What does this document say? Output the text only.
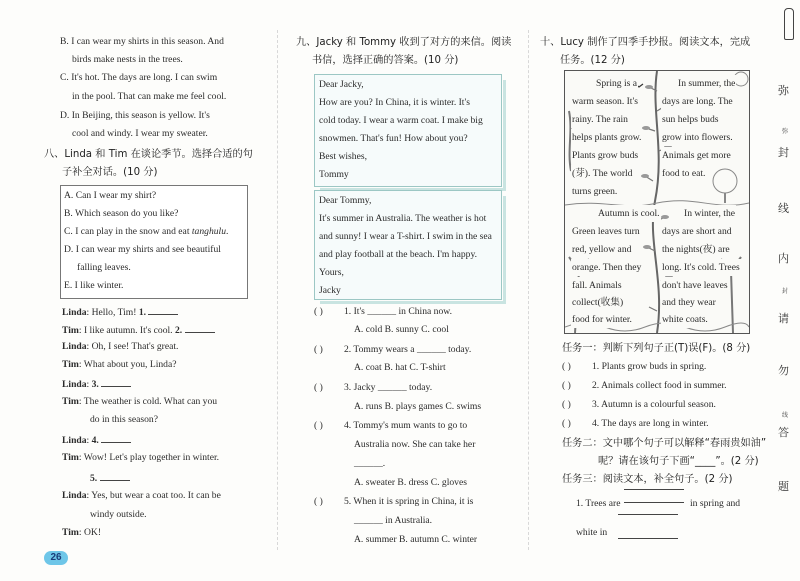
B. I can wear my shirts in this season. And
birds make nests in the trees.
C. It's hot. The days are long. I can swim
in the pool. That can make me feel cool.
D. In Beijing, this season is yellow. It's
cool and windy. I wear my sweater.
八、Linda 和 Tim 在谈论季节。选择合适的句
子补全对话。(10 分)
A. Can I wear my shirt?
B. Which season do you like?
C. I can play in the snow and eat tanghulu.
D. I can wear my shirts and see beautiful
falling leaves.
E. I like winter.
Linda: Hello, Tim! 1.
Tim: I like autumn. It's cool. 2.
Linda: Oh, I see! That's great.
Tim: What about you, Linda?
Linda: 3.
Tim: The weather is cold. What can you
do in this season?
Linda: 4.
Tim: Wow! Let's play together in winter.
5.
Linda: Yes, but wear a coat too. It can be
windy outside.
Tim: OK!
26
九、Jacky 和 Tommy 收到了对方的来信。阅读
书信，选择正确的答案。(10 分)
Dear Jacky,
How are you? In China, it is winter. It's
cold today. I wear a warm coat. I make big
snowmen. That's fun! How about you?
Best wishes,
Tommy
Dear Tommy,
It's summer in Australia. The weather is hot
and sunny! I wear a T-shirt. I swim in the sea
and play football at the beach. I'm happy.
Yours,
Jacky
( ) 1. It's ______ in China now.
A. cold B. sunny C. cool
( ) 2. Tommy wears a ______ today.
A. coat B. hat C. T-shirt
( ) 3. Jacky ______ today.
A. runs B. plays games C. swims
( ) 4. Tommy's mum wants to go to
Australia now. She can take her
______.
A. sweater B. dress C. gloves
( ) 5. When it is spring in China, it is
______ in Australia.
A. summer B. autumn C. winter
十、Lucy 制作了四季手抄报。阅读文本，完成
任务。(12 分)
Spring is a
warm season. It's
rainy. The rain
helps plants grow.
Plants grow buds
(芽). The world
turns green.
In summer, the
days are long. The
sun helps buds
grow into flowers.
Animals get more
food to eat.
Autumn is cool.
Green leaves turn
red, yellow and
orange. Then they
fall. Animals
collect(收集)
food for winter.
In winter, the
days are short and
the nights(夜) are
long. It's cold. Trees
don't have leaves
and they wear
white coats.
任务一：判断下列句子正(T)误(F)。(8 分)
( ) 1. Plants grow buds in spring.
( ) 2. Animals collect food in summer.
( ) 3. Autumn is a colourful season.
( ) 4. The days are long in winter.
任务二：文中哪个句子可以解释“春雨贵如油”
呢？请在该句子下画“____”。(2 分)
任务三：阅读文本，补全句子。(2 分)
1. Trees are	in spring and
white in
弥
弥
封
线
内
封
请
勿
线
答
题
